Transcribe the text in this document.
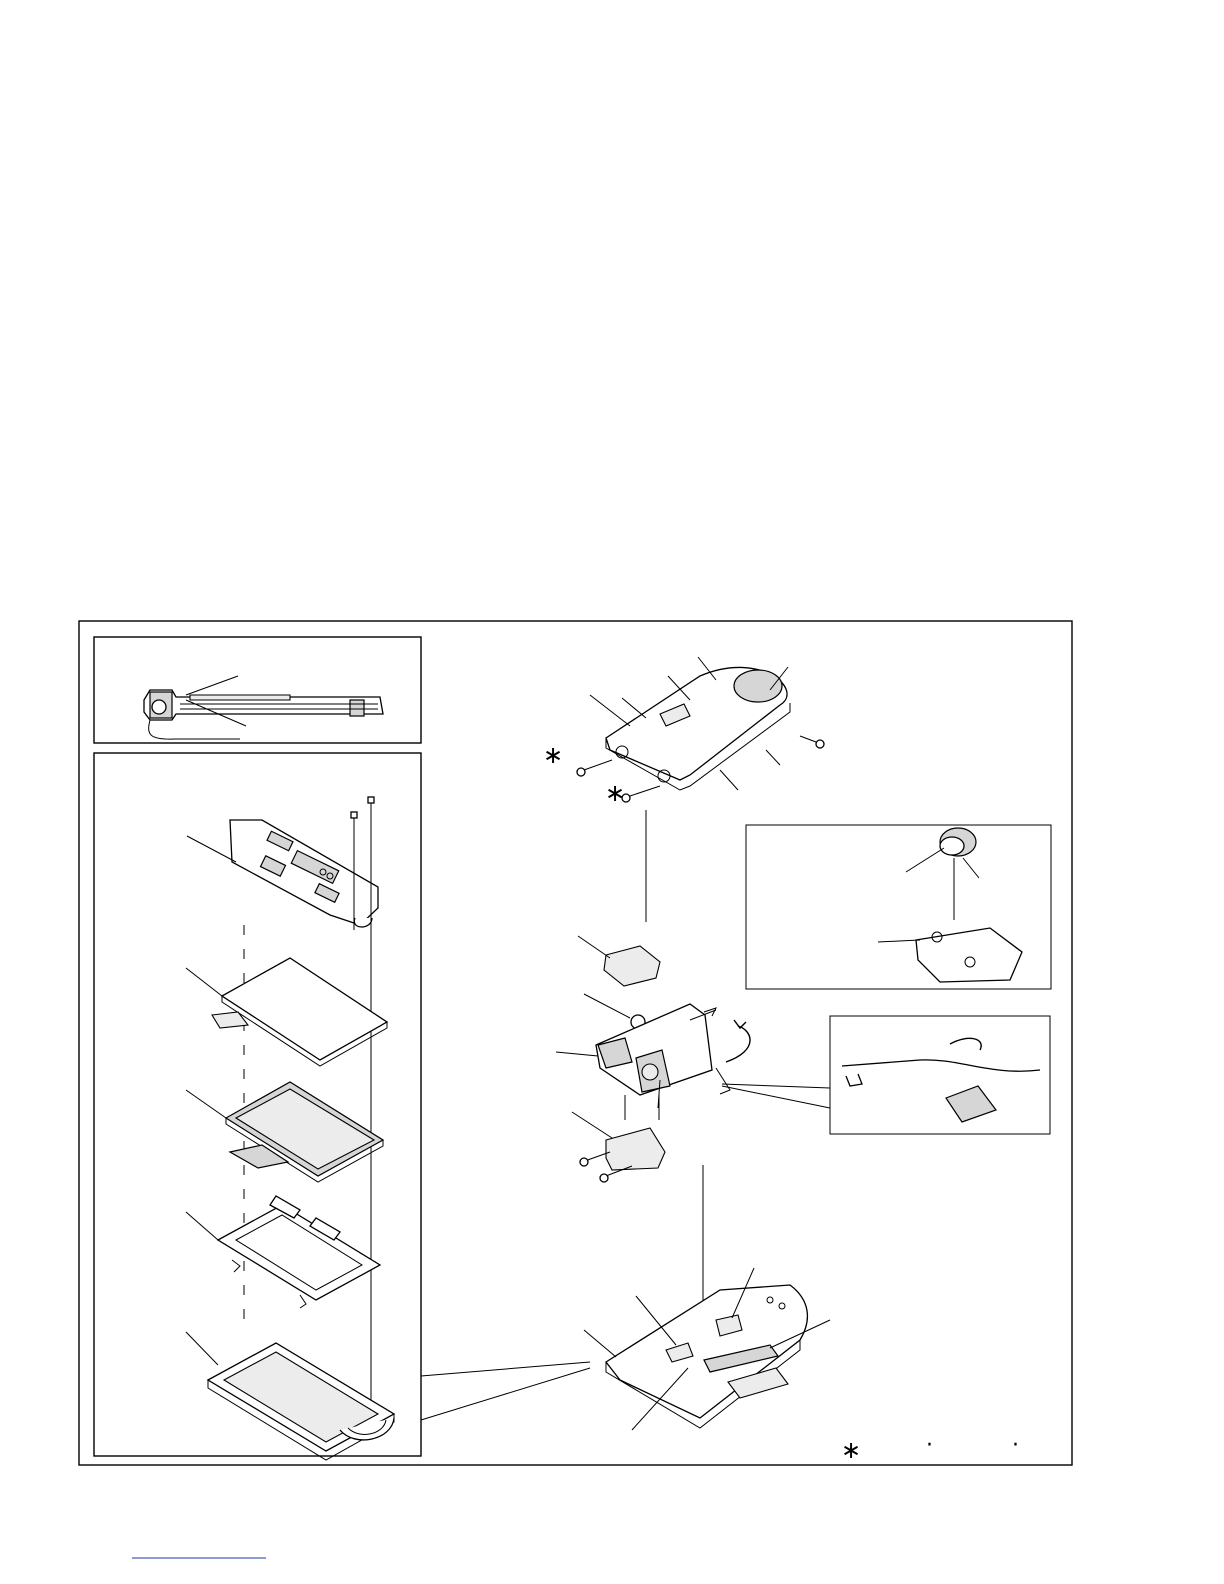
∗
∗
∗	·	·
